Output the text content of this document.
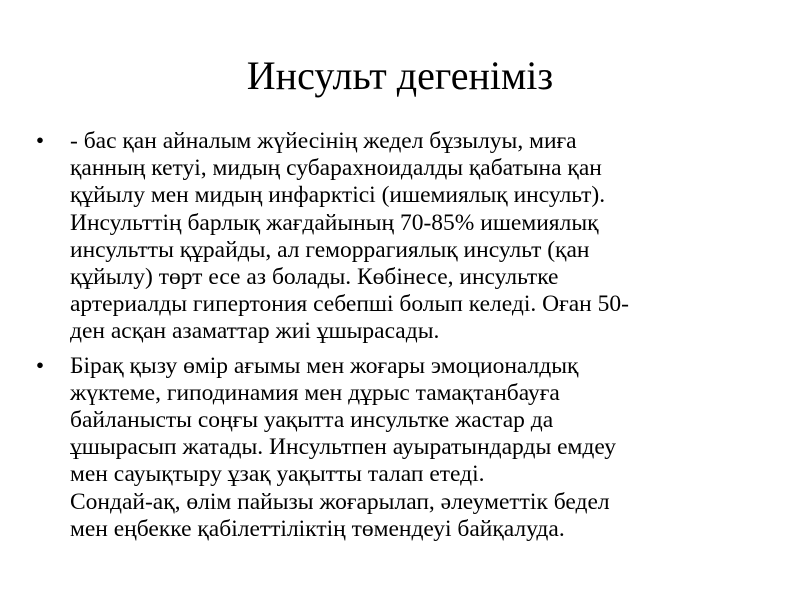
Инсульт дегеніміз
• - бас қан айналым жүйесінің жедел бұзылуы, миға
қанның кетуі, мидың субарахноидалды қабатына қан
құйылу мен мидың инфарктісі (ишемиялық инсульт).
Инсульттің барлық жағдайының 70-85% ишемиялық
инсультты құрайды, ал геморрагиялық инсульт (қан
құйылу) төрт есе аз болады. Көбінесе, инсультке
артериалды гипертония себепші болып келеді. Оған 50-
ден асқан азаматтар жиі ұшырасады.
• Бірақ қызу өмір ағымы мен жоғары эмоционалдық
жүктеме, гиподинамия мен дұрыс тамақтанбауға
байланысты соңғы уақытта инсультке жастар да
ұшырасып жатады. Инсультпен ауыратындарды емдеу
мен сауықтыру ұзақ уақытты талап етеді.
Сондай-ақ, өлім пайызы жоғарылап, әлеуметтік бедел
мен еңбекке қабілеттіліктің төмендеуі байқалуда.
